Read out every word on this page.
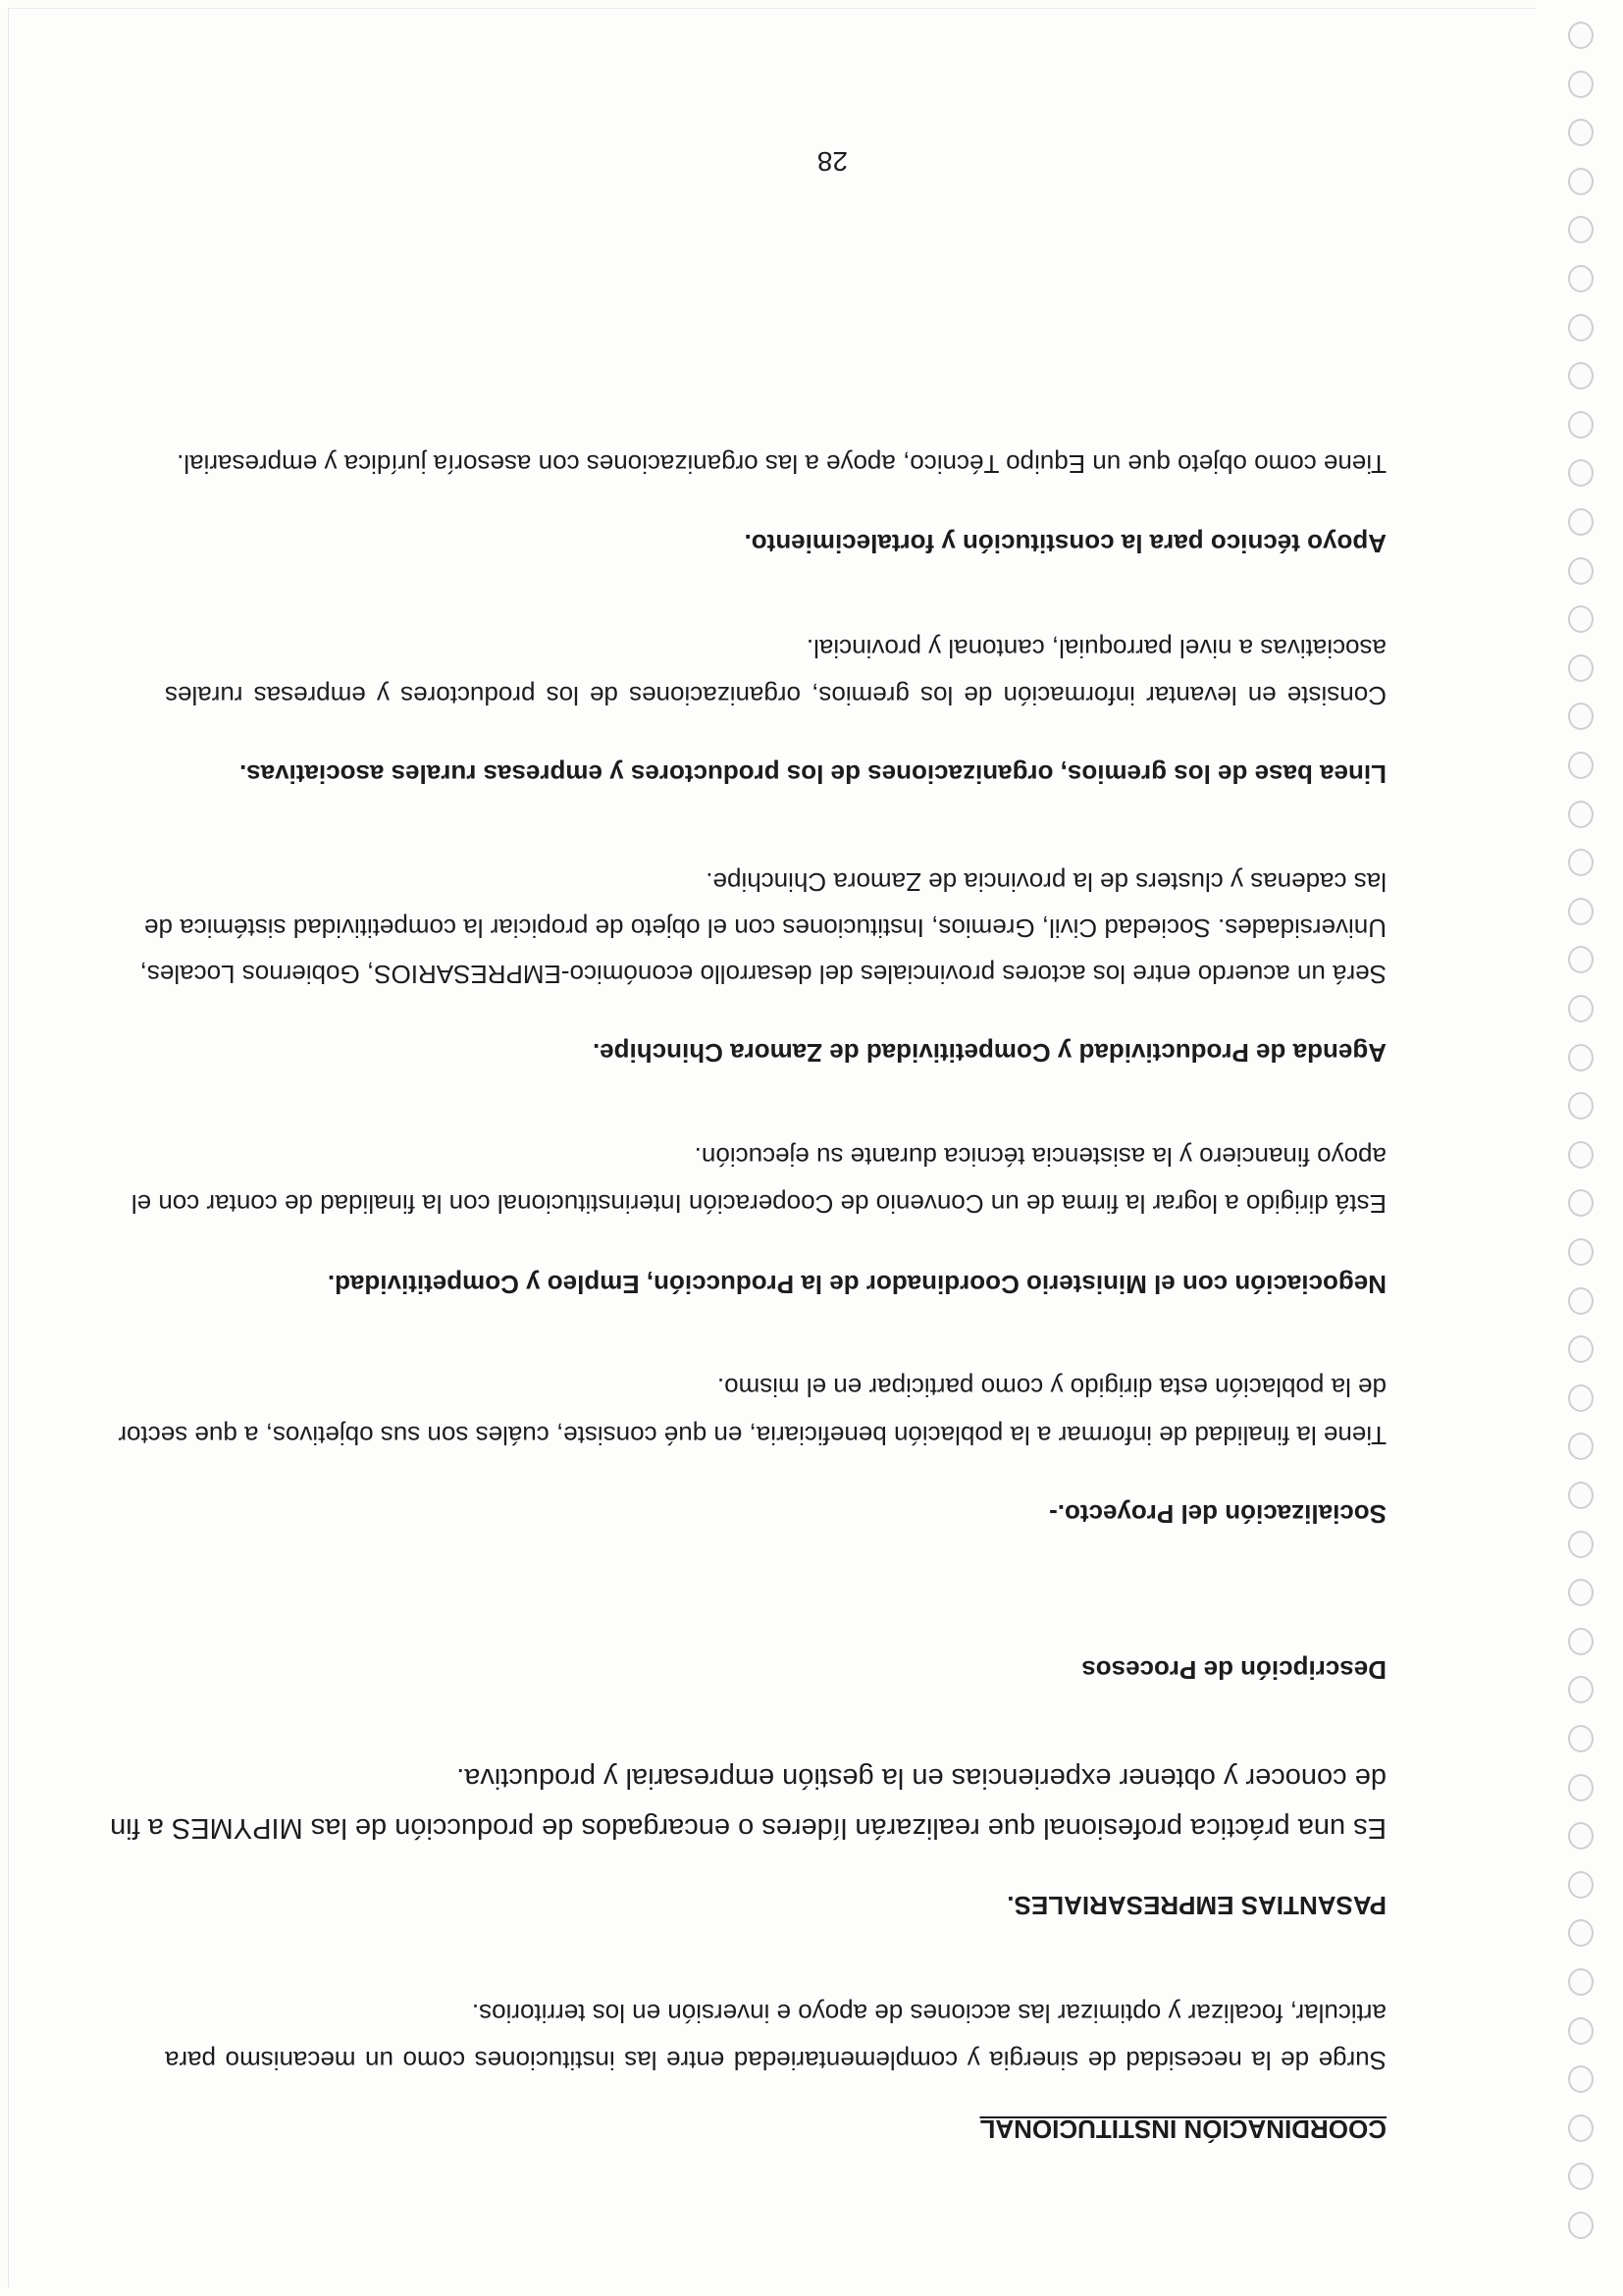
COORDINACIÓN INSTITUCIONAL
Surge de la necesidad de sinergia y complementariedad entre las instituciones como un mecanismo para
articular, focalizar y optimizar las acciones de apoyo e inversión en los territorios.
PASANTIAS EMPRESARIALES.
Es una práctica profesional que realizarán líderes o encargados de producción de las MIPYMES a fin
de conocer y obtener experiencias en la gestión empresarial y productiva.
Descripción de Procesos
Socialización del Proyecto.-
Tiene la finalidad de informar a la población beneficiaria, en qué consiste, cuáles son sus objetivos, a que sector
de la población esta dirigido y como participar en el mismo.
Negociación con el Ministerio Coordinador de la Producción, Empleo y Competitividad.
Está dirigido a lograr la firma de un Convenio de Cooperación Interinstitucional con la finalidad de contar con el
apoyo financiero y la asistencia técnica durante su ejecución.
Agenda de Productividad y Competitividad de Zamora Chinchipe.
Será un acuerdo entre los actores provinciales del desarrollo económico-EMPRESARIOS, Gobiernos Locales,
Universidades. Sociedad Civil, Gremios, Instituciones con el objeto de propiciar la competitividad sistémica de
las cadenas y clusters de la provincia de Zamora Chinchipe.
Linea base de los gremios, organizaciones de los productores y empresas rurales asociativas.
Consiste en levantar información de los gremios, organizaciones de los productores y empresas rurales
asociativas a nivel parroquial, cantonal y provincial.
Apoyo técnico para la constitución y fortalecimiento.
Tiene como objeto que un Equipo Técnico, apoye a las organizaciones con asesoría jurídica y empresarial.
28
